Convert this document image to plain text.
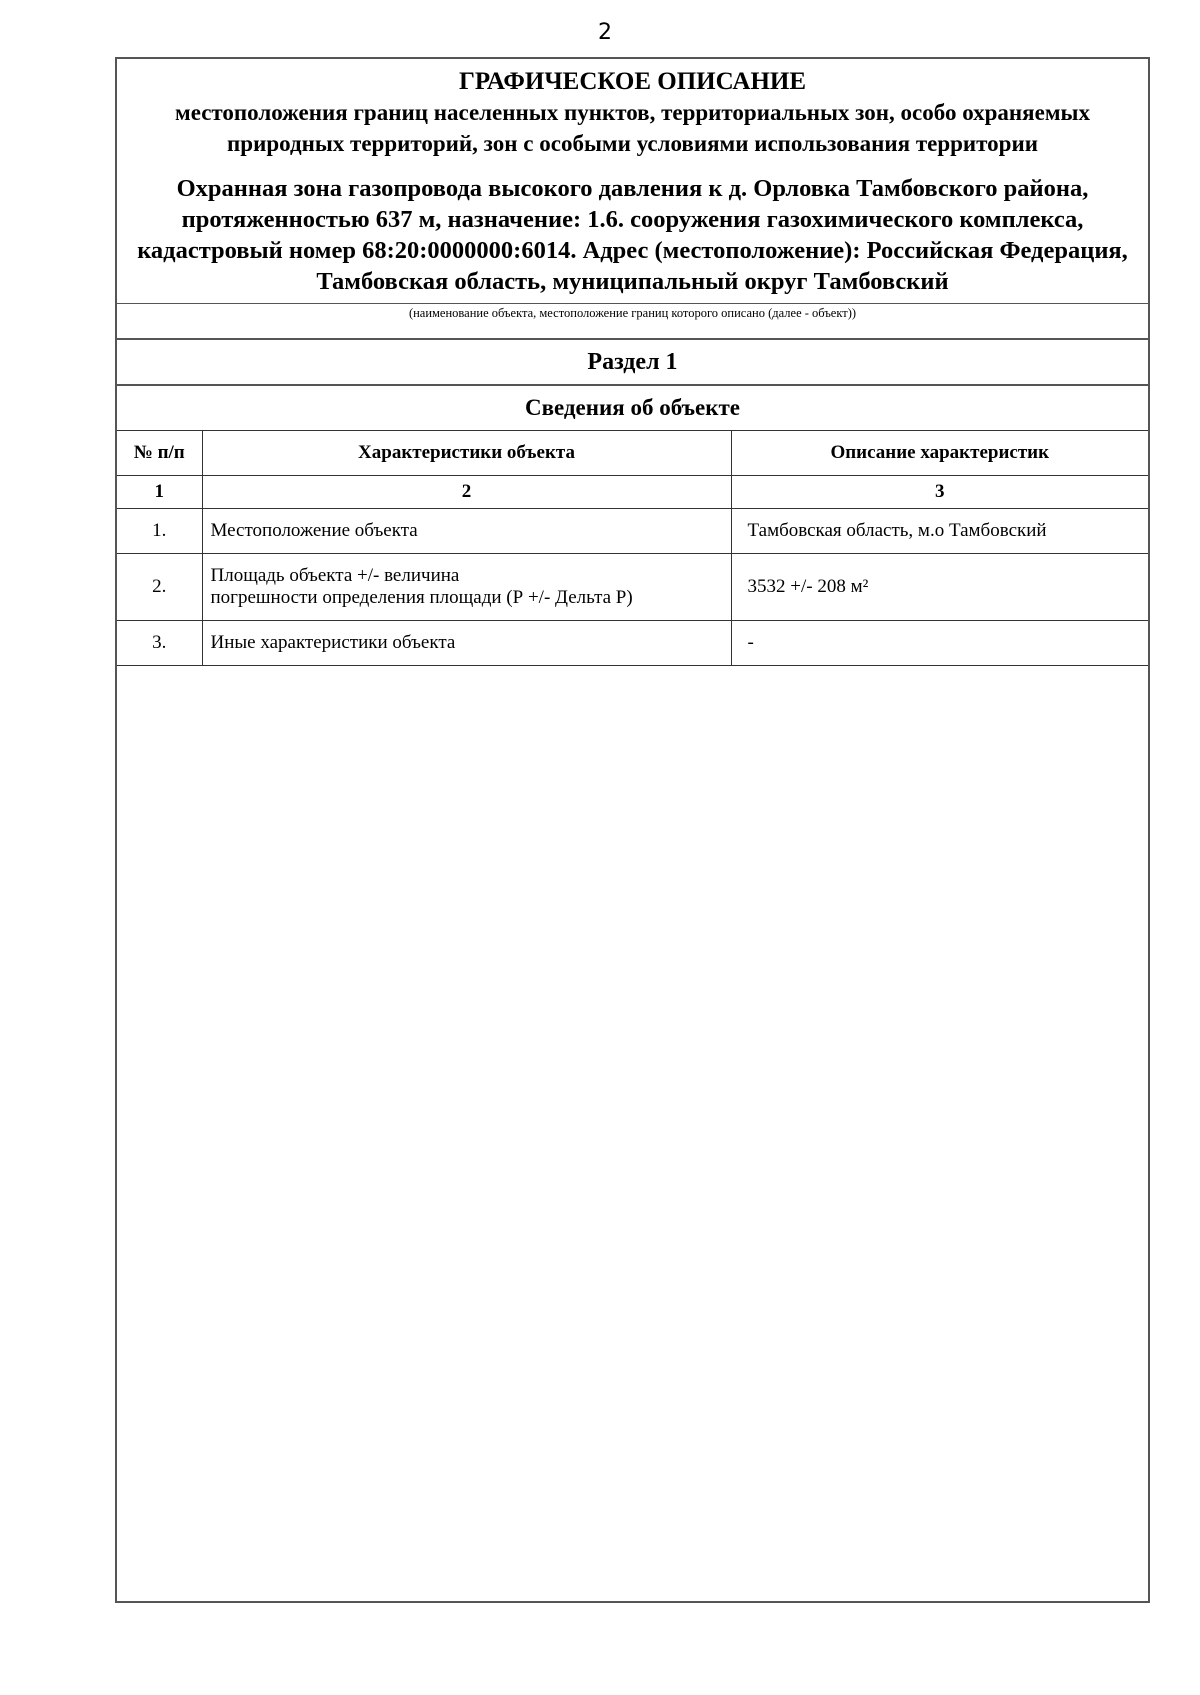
2
ГРАФИЧЕСКОЕ ОПИСАНИЕ
местоположения границ населенных пунктов, территориальных зон, особо охраняемых природных территорий, зон с особыми условиями использования территории
Охранная зона газопровода высокого давления к д. Орловка Тамбовского района, протяженностью 637 м, назначение: 1.6. сооружения газохимического комплекса, кадастровый номер 68:20:0000000:6014. Адрес (местоположение): Российская Федерация, Тамбовская область, муниципальный округ Тамбовский
(наименование объекта, местоположение границ которого описано (далее - объект))
Раздел 1
Сведения об объекте
№ п/п	Характеристики объекта	Описание характеристик
1	2	3
1.	Местоположение объекта	Тамбовская область, м.о Тамбовский
2.	Площадь объекта +/- величина
погрешности определения площади (Р +/- Дельта Р)	3532 +/- 208 м²
3.	Иные характеристики объекта	-
